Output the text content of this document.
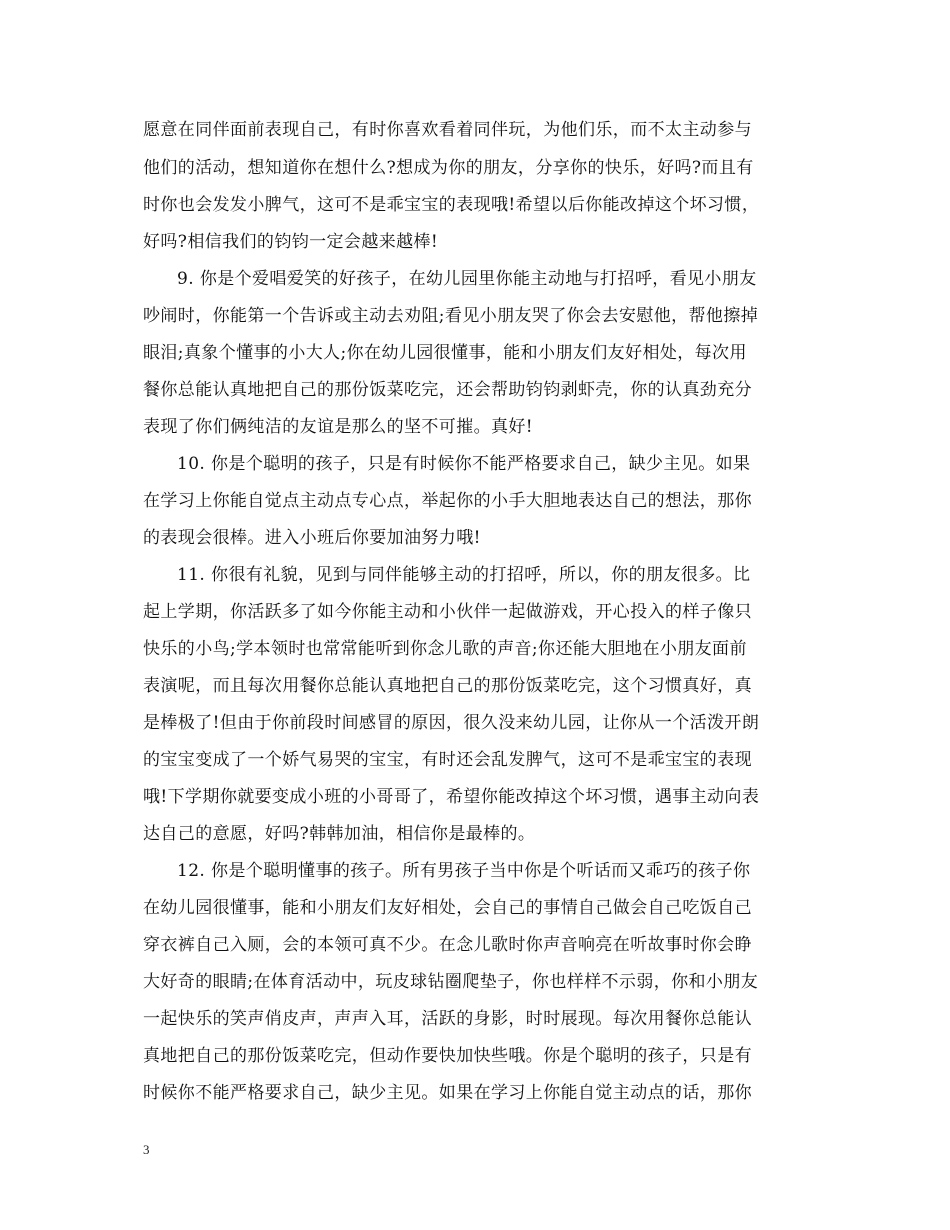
愿意在同伴面前表现自己，有时你喜欢看着同伴玩，为他们乐，而不太主动参与
他们的活动，想知道你在想什么?想成为你的朋友，分享你的快乐，好吗?而且有
时你也会发发小脾气，这可不是乖宝宝的表现哦!希望以后你能改掉这个坏习惯，
好吗?相信我们的钧钧一定会越来越棒!
9. 你是个爱唱爱笑的好孩子，在幼儿园里你能主动地与打招呼，看见小朋友
吵闹时，你能第一个告诉或主动去劝阻;看见小朋友哭了你会去安慰他，帮他擦掉
眼泪;真象个懂事的小大人;你在幼儿园很懂事，能和小朋友们友好相处，每次用
餐你总能认真地把自己的那份饭菜吃完，还会帮助钧钧剥虾壳，你的认真劲充分
表现了你们俩纯洁的友谊是那么的坚不可摧。真好!
10. 你是个聪明的孩子，只是有时候你不能严格要求自己，缺少主见。如果
在学习上你能自觉点主动点专心点，举起你的小手大胆地表达自己的想法，那你
的表现会很棒。进入小班后你要加油努力哦!
11. 你很有礼貌，见到与同伴能够主动的打招呼，所以，你的朋友很多。比
起上学期，你活跃多了如今你能主动和小伙伴一起做游戏，开心投入的样子像只
快乐的小鸟;学本领时也常常能听到你念儿歌的声音;你还能大胆地在小朋友面前
表演呢，而且每次用餐你总能认真地把自己的那份饭菜吃完，这个习惯真好，真
是棒极了!但由于你前段时间感冒的原因，很久没来幼儿园，让你从一个活泼开朗
的宝宝变成了一个娇气易哭的宝宝，有时还会乱发脾气，这可不是乖宝宝的表现
哦!下学期你就要变成小班的小哥哥了，希望你能改掉这个坏习惯，遇事主动向表
达自己的意愿，好吗?韩韩加油，相信你是最棒的。
12. 你是个聪明懂事的孩子。所有男孩子当中你是个听话而又乖巧的孩子你
在幼儿园很懂事，能和小朋友们友好相处，会自己的事情自己做会自己吃饭自己
穿衣裤自己入厕，会的本领可真不少。在念儿歌时你声音响亮在听故事时你会睁
大好奇的眼睛;在体育活动中，玩皮球钻圈爬垫子，你也样样不示弱，你和小朋友
一起快乐的笑声俏皮声，声声入耳，活跃的身影，时时展现。每次用餐你总能认
真地把自己的那份饭菜吃完，但动作要快加快些哦。你是个聪明的孩子，只是有
时候你不能严格要求自己，缺少主见。如果在学习上你能自觉主动点的话，那你
3
